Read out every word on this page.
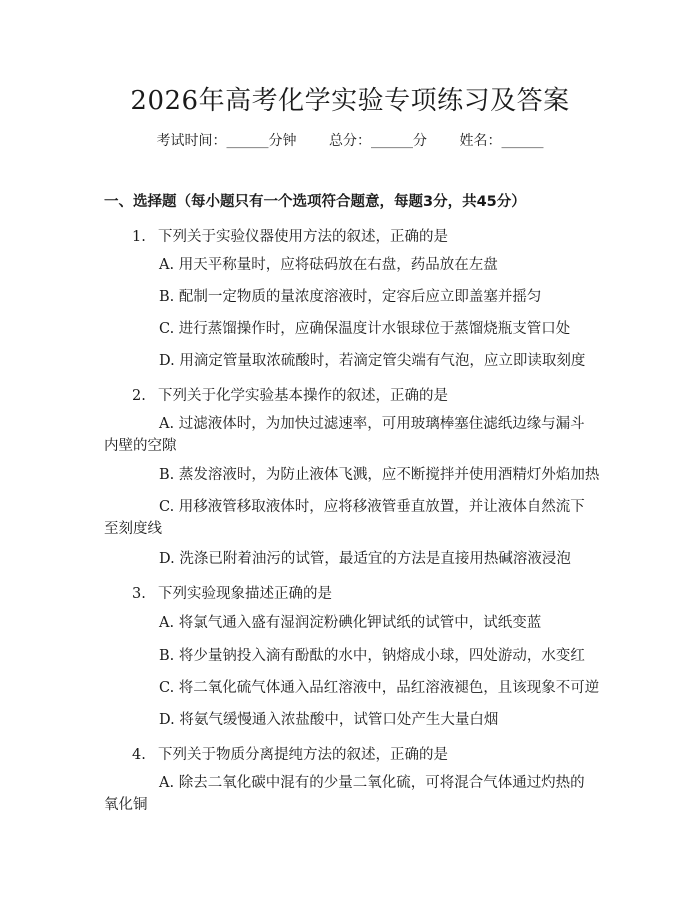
2026年高考化学实验专项练习及答案
考试时间：______分钟 总分：______分 姓名：______
一、选择题（每小题只有一个选项符合题意，每题3分，共45分）
1. 下列关于实验仪器使用方法的叙述，正确的是
A. 用天平称量时，应将砝码放在右盘，药品放在左盘
B. 配制一定物质的量浓度溶液时，定容后应立即盖塞并摇匀
C. 进行蒸馏操作时，应确保温度计水银球位于蒸馏烧瓶支管口处
D. 用滴定管量取浓硫酸时，若滴定管尖端有气泡，应立即读取刻度
2. 下列关于化学实验基本操作的叙述，正确的是
A. 过滤液体时，为加快过滤速率，可用玻璃棒塞住滤纸边缘与漏斗内壁的空隙
B. 蒸发溶液时，为防止液体飞溅，应不断搅拌并使用酒精灯外焰加热
C. 用移液管移取液体时，应将移液管垂直放置，并让液体自然流下至刻度线
D. 洗涤已附着油污的试管，最适宜的方法是直接用热碱溶液浸泡
3. 下列实验现象描述正确的是
A. 将氯气通入盛有湿润淀粉碘化钾试纸的试管中，试纸变蓝
B. 将少量钠投入滴有酚酞的水中，钠熔成小球，四处游动，水变红
C. 将二氧化硫气体通入品红溶液中，品红溶液褪色，且该现象不可逆
D. 将氨气缓慢通入浓盐酸中，试管口处产生大量白烟
4. 下列关于物质分离提纯方法的叙述，正确的是
A. 除去二氧化碳中混有的少量二氧化硫，可将混合气体通过灼热的氧化铜
